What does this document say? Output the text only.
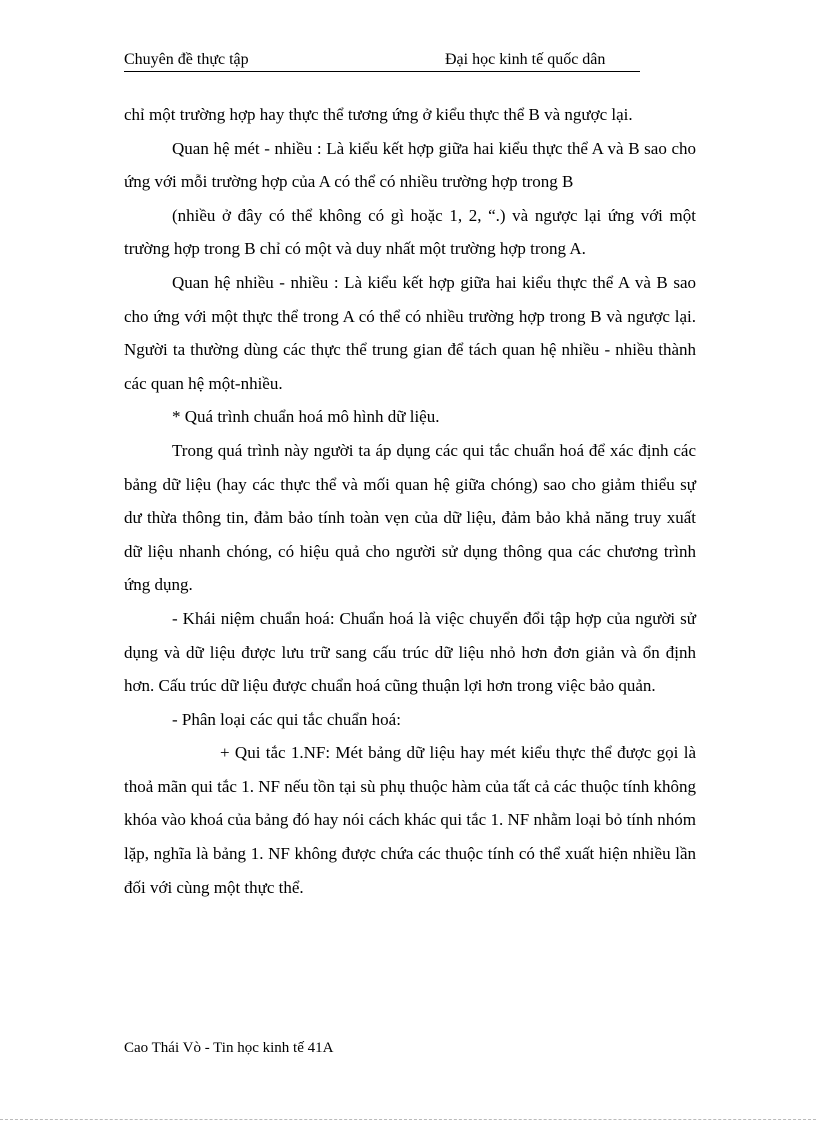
Chuyên đề thực tập	Đại học kinh tế quốc dân

chỉ một trường hợp hay thực thể tương ứng ở kiểu thực thể B và ngược lại.

Quan hệ mét - nhiều : Là kiểu kết hợp giữa hai kiểu thực thể A và B sao cho ứng với mỗi trường hợp của A có thể có nhiều trường hợp trong B

(nhiều ở đây có thể không có gì hoặc 1, 2, “.) và ngược lại ứng với một trường hợp trong B chỉ có một và duy nhất một trường hợp trong A.

Quan hệ nhiều - nhiều : Là kiểu kết hợp giữa hai kiểu thực thể A và B sao cho ứng với một thực thể trong A có thể có nhiều trường hợp trong B và ngược lại. Người ta thường dùng các thực thể trung gian để tách quan hệ nhiều - nhiều thành các quan hệ một-nhiều.

* Quá trình chuẩn hoá mô hình dữ liệu.

Trong quá trình này người ta áp dụng các qui tắc chuẩn hoá để xác định các bảng dữ liệu (hay các thực thể và mối quan hệ giữa chóng) sao cho giảm thiểu sự dư thừa thông tin, đảm bảo tính toàn vẹn của dữ liệu, đảm bảo khả năng truy xuất dữ liệu nhanh chóng, có hiệu quả cho người sử dụng thông qua các chương trình ứng dụng.

- Khái niệm chuẩn hoá: Chuẩn hoá là việc chuyển đổi tập hợp của người sử dụng và dữ liệu được lưu trữ sang cấu trúc dữ liệu nhỏ hơn đơn giản và ổn định hơn. Cấu trúc dữ liệu được chuẩn hoá cũng thuận lợi hơn trong việc bảo quản.

- Phân loại các qui tắc chuẩn hoá:

+ Qui tắc 1.NF: Mét bảng dữ liệu hay mét kiểu thực thể được gọi là thoả mãn qui tắc 1. NF nếu tồn tại sù phụ thuộc hàm của tất cả các thuộc tính không khóa vào khoá của bảng đó hay nói cách khác qui tắc 1. NF nhằm loại bỏ tính nhóm lặp, nghĩa là bảng 1. NF không được chứa các thuộc tính có thể xuất hiện nhiều lần đối với cùng một thực thể.

Cao Thái Vò - Tin học kinh tế 41A
